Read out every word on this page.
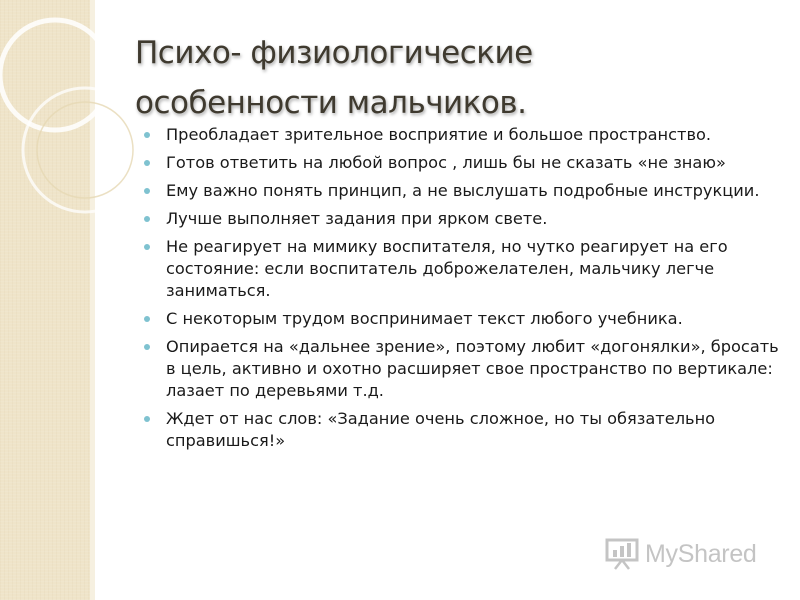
Психо- физиологические
особенности мальчиков.
Преобладает зрительное восприятие и большое пространство.
Готов ответить на любой вопрос , лишь бы не сказать «не знаю»
Ему важно понять принцип, а не выслушать подробные инструкции.
Лучше выполняет задания при ярком свете.
Не реагирует на мимику воспитателя, но чутко реагирует на его состояние: если воспитатель доброжелателен, мальчику легче заниматься.
С некоторым трудом воспринимает текст любого учебника.
Опирается на «дальнее зрение», поэтому любит «догонялки», бросать в цель, активно и охотно расширяет свое пространство по вертикале: лазает по деревьями т.д.
Ждет от нас слов: «Задание очень сложное, но ты обязательно справишься!»
MyShared
